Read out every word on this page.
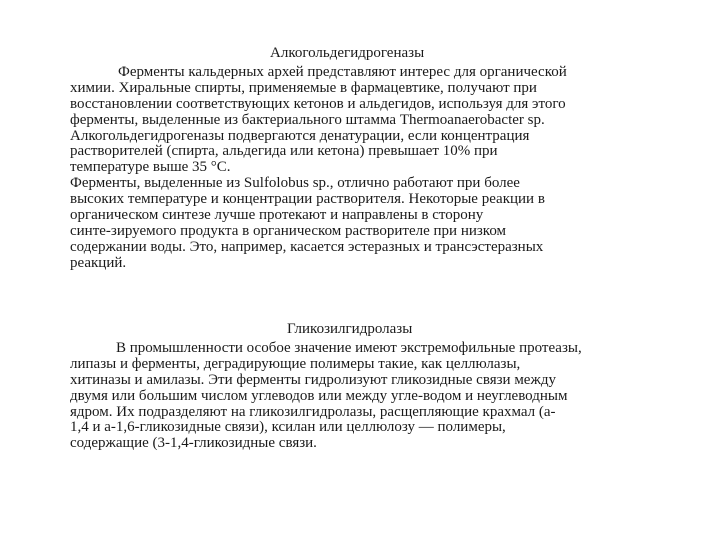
Алкогольдегидрогеназы
Ферменты кальдерных архей представляют интерес для органической
химии. Хиральные спирты, применяемые в фармацевтике, получают при
восстановлении соответствующих кетонов и альдегидов, используя для этого
ферменты, выделенные из бактериального штамма Thermoanaerobacter sp.
Алкогольдегидрогеназы подвергаются денатурации, если концентрация
растворителей (спирта, альдегида или кетона) превышает 10% при
температуре выше 35 °С.
Ферменты, выделенные из Sulfolobus sp., отлично работают при более
высоких температуре и концентрации растворителя. Некоторые реакции в
органическом синтезе лучше протекают и направлены в сторону
синте-зируемого продукта в органическом растворителе при низком
содержании воды. Это, например, касается эстеразных и трансэстеразных
реакций.
Гликозилгидролазы
В промышленности особое значение имеют экстремофильные протеазы,
липазы и ферменты, деградирующие полимеры такие, как целлюлазы,
хитиназы и амилазы. Эти ферменты гидролизуют гликозидные связи между
двумя или большим числом углеводов или между угле-водом и неуглеводным
ядром. Их подразделяют на гликозилгидролазы, расщепляющие крахмал (а-
1,4 и а-1,6-гликозидные связи), ксилан или целлюлозу — полимеры,
содержащие (3-1,4-гликозидные связи.
